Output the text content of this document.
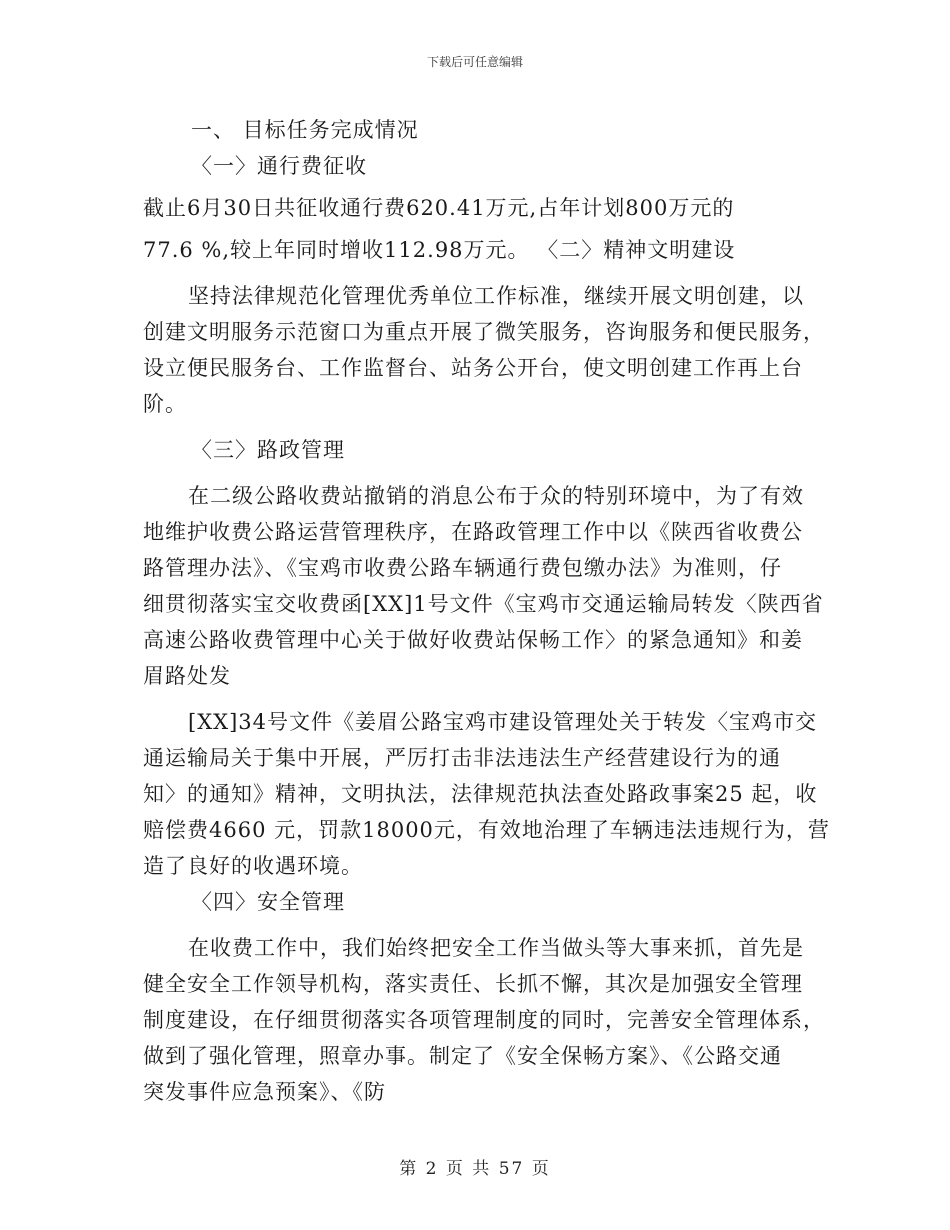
下载后可任意编辑
一、 目标任务完成情况
〈一〉通行费征收
截止6月30日共征收通行费620.41万元,占年计划800万元的
77.6 %,较上年同时增收112.98万元。 〈二〉精神文明建设
坚持法律规范化管理优秀单位工作标准，继续开展文明创建，以
创建文明服务示范窗口为重点开展了微笑服务，咨询服务和便民服务，
设立便民服务台、工作监督台、站务公开台，使文明创建工作再上台
阶。
〈三〉路政管理
在二级公路收费站撤销的消息公布于众的特别环境中，为了有效
地维护收费公路运营管理秩序，在路政管理工作中以《陕西省收费公
路管理办法》、《宝鸡市收费公路车辆通行费包缴办法》为准则，仔
细贯彻落实宝交收费函[XX]1号文件《宝鸡市交通运输局转发〈陕西省
高速公路收费管理中心关于做好收费站保畅工作〉的紧急通知》和姜
眉路处发
[XX]34号文件《姜眉公路宝鸡市建设管理处关于转发〈宝鸡市交
通运输局关于集中开展，严厉打击非法违法生产经营建设行为的通
知〉的通知》精神，文明执法，法律规范执法查处路政事案25 起，收
赔偿费4660 元，罚款18000元，有效地治理了车辆违法违规行为，营
造了良好的收遇环境。
〈四〉安全管理
在收费工作中，我们始终把安全工作当做头等大事来抓，首先是
健全安全工作领导机构，落实责任、长抓不懈，其次是加强安全管理
制度建设，在仔细贯彻落实各项管理制度的同时，完善安全管理体系，
做到了强化管理，照章办事。制定了《安全保畅方案》、《公路交通
突发事件应急预案》、《防
第 2 页 共 57 页
